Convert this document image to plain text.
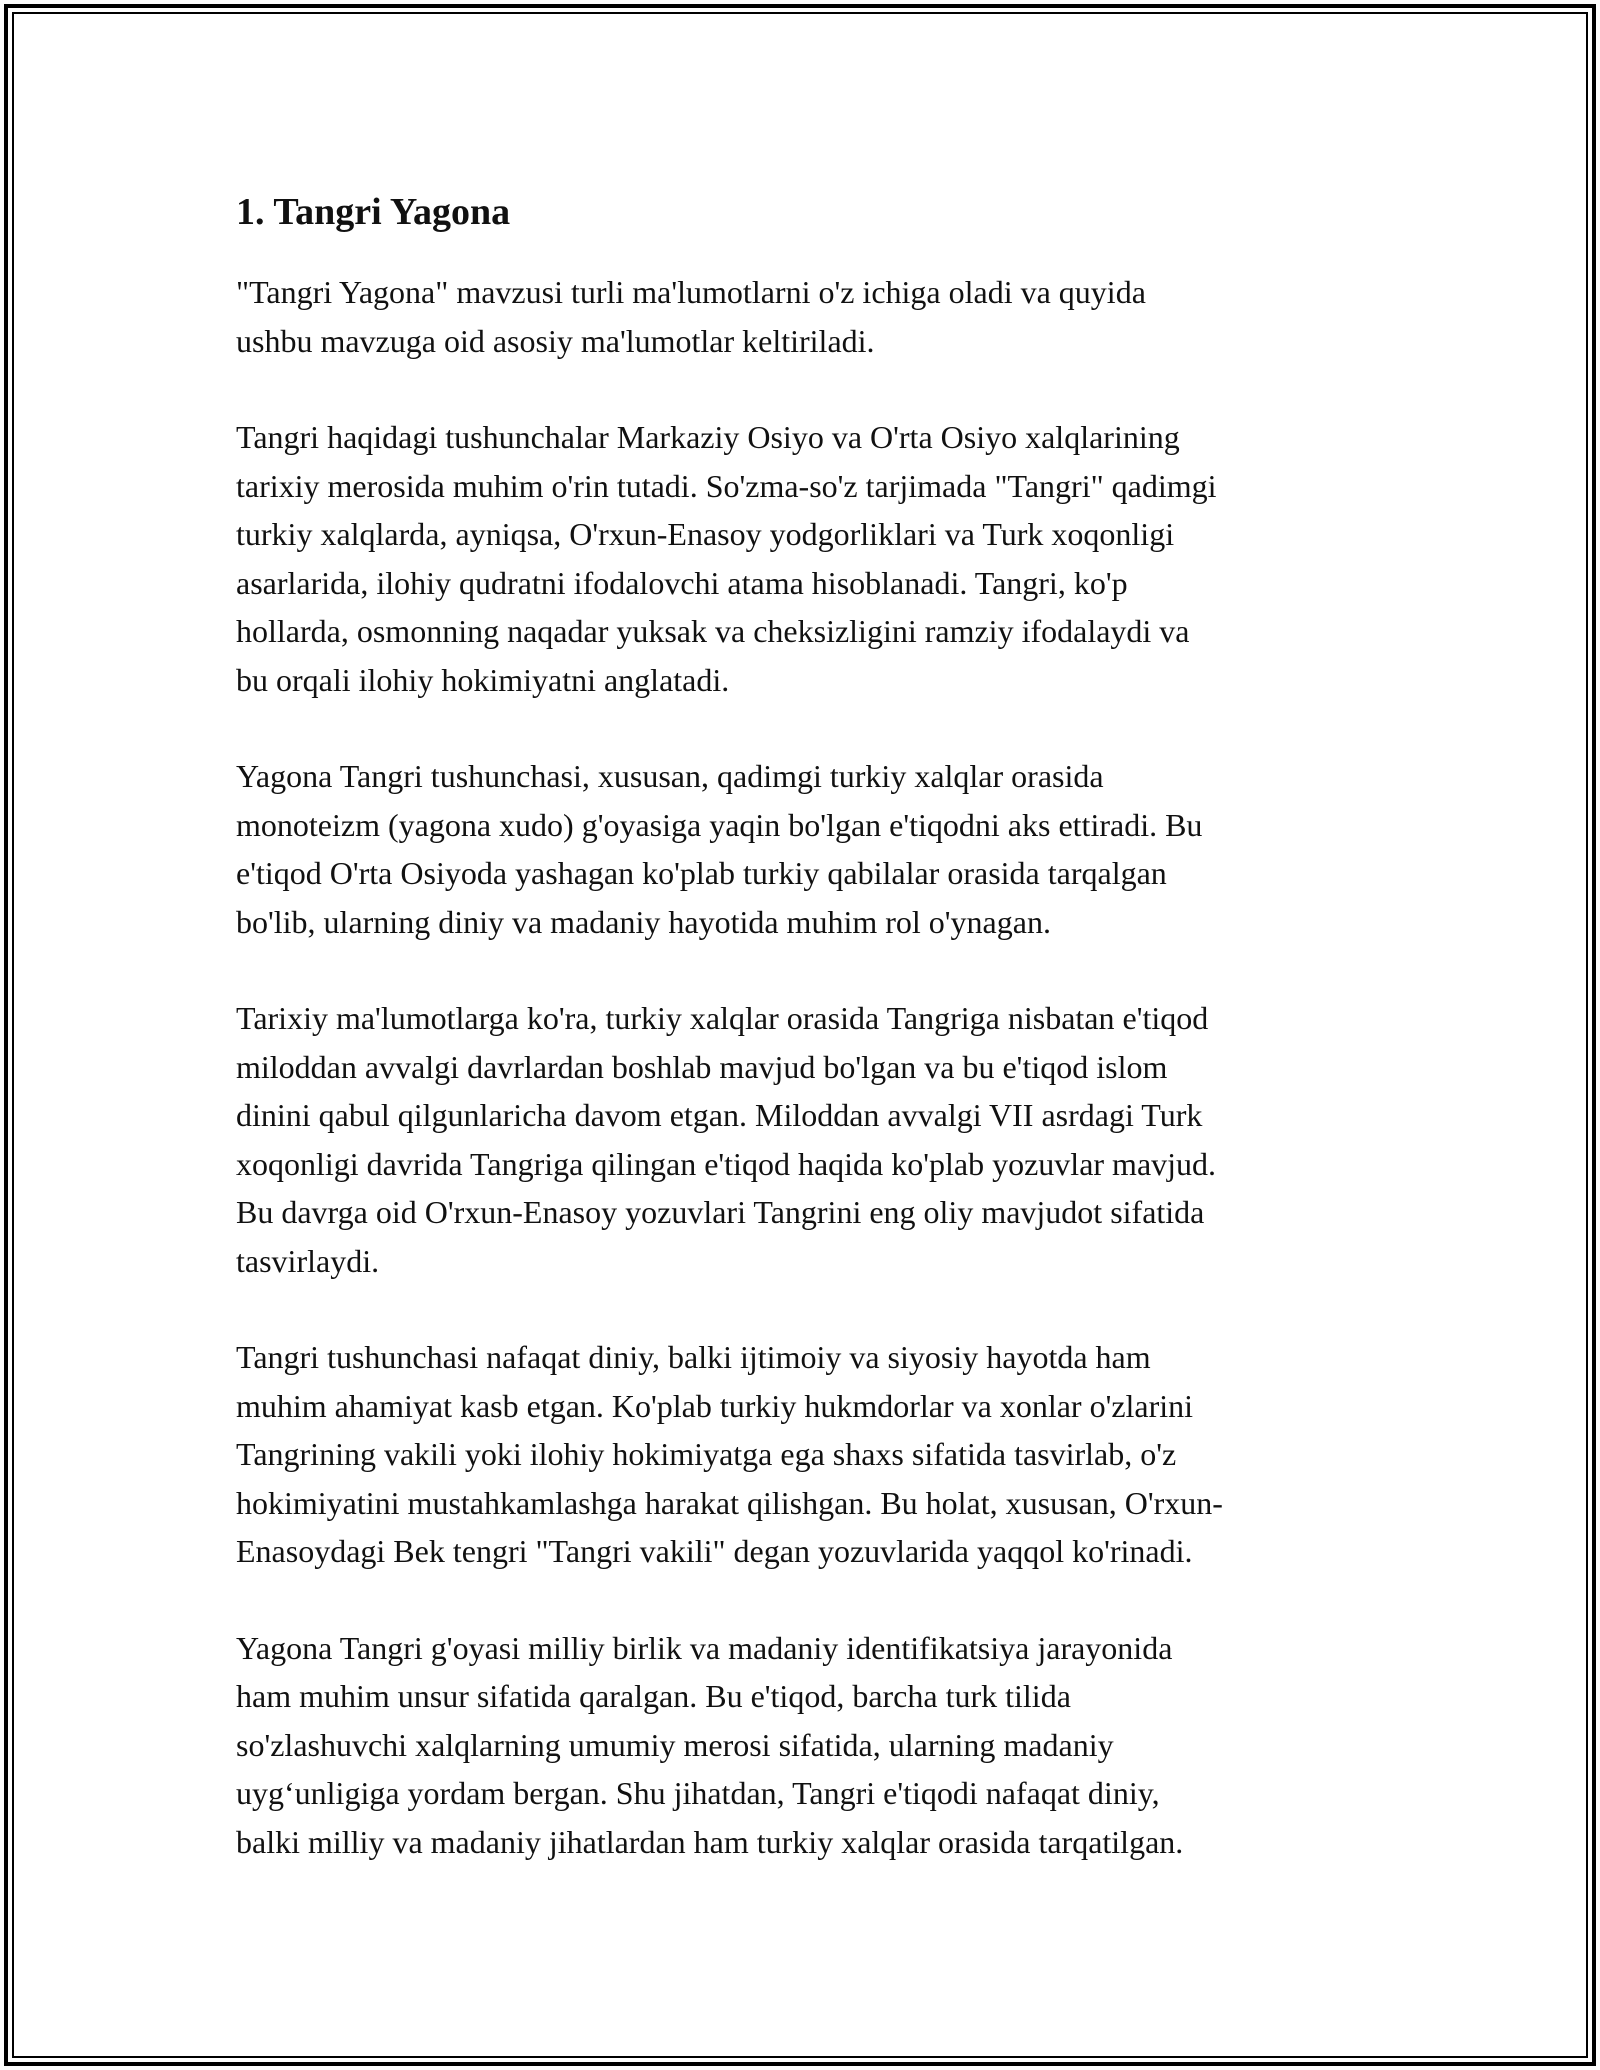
1. Tangri Yagona

"Tangri Yagona" mavzusi turli ma'lumotlarni o'z ichiga oladi va quyida
ushbu mavzuga oid asosiy ma'lumotlar keltiriladi.

Tangri haqidagi tushunchalar Markaziy Osiyo va O'rta Osiyo xalqlarining
tarixiy merosida muhim o'rin tutadi. So'zma-so'z tarjimada "Tangri" qadimgi
turkiy xalqlarda, ayniqsa, O'rxun-Enasoy yodgorliklari va Turk xoqonligi
asarlarida, ilohiy qudratni ifodalovchi atama hisoblanadi. Tangri, ko'p
hollarda, osmonning naqadar yuksak va cheksizligini ramziy ifodalaydi va
bu orqali ilohiy hokimiyatni anglatadi.

Yagona Tangri tushunchasi, xususan, qadimgi turkiy xalqlar orasida
monoteizm (yagona xudo) g'oyasiga yaqin bo'lgan e'tiqodni aks ettiradi. Bu
e'tiqod O'rta Osiyoda yashagan ko'plab turkiy qabilalar orasida tarqalgan
bo'lib, ularning diniy va madaniy hayotida muhim rol o'ynagan.

Tarixiy ma'lumotlarga ko'ra, turkiy xalqlar orasida Tangriga nisbatan e'tiqod
miloddan avvalgi davrlardan boshlab mavjud bo'lgan va bu e'tiqod islom
dinini qabul qilgunlaricha davom etgan. Miloddan avvalgi VII asrdagi Turk
xoqonligi davrida Tangriga qilingan e'tiqod haqida ko'plab yozuvlar mavjud.
Bu davrga oid O'rxun-Enasoy yozuvlari Tangrini eng oliy mavjudot sifatida
tasvirlaydi.

Tangri tushunchasi nafaqat diniy, balki ijtimoiy va siyosiy hayotda ham
muhim ahamiyat kasb etgan. Ko'plab turkiy hukmdorlar va xonlar o'zlarini
Tangrining vakili yoki ilohiy hokimiyatga ega shaxs sifatida tasvirlab, o'z
hokimiyatini mustahkamlashga harakat qilishgan. Bu holat, xususan, O'rxun-
Enasoydagi Bek tengri "Tangri vakili" degan yozuvlarida yaqqol ko'rinadi.

Yagona Tangri g'oyasi milliy birlik va madaniy identifikatsiya jarayonida
ham muhim unsur sifatida qaralgan. Bu e'tiqod, barcha turk tilida
so'zlashuvchi xalqlarning umumiy merosi sifatida, ularning madaniy
uyg‘unligiga yordam bergan. Shu jihatdan, Tangri e'tiqodi nafaqat diniy,
balki milliy va madaniy jihatlardan ham turkiy xalqlar orasida tarqatilgan.
